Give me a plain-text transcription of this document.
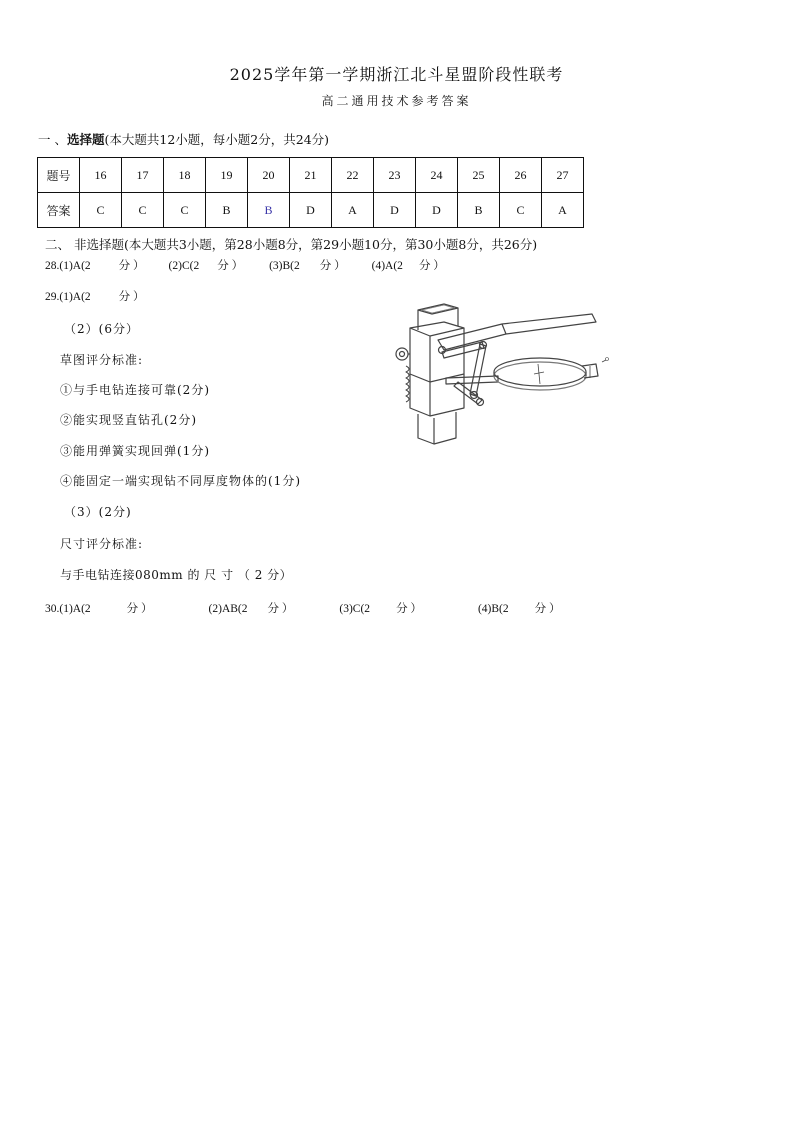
2025学年第一学期浙江北斗星盟阶段性联考
高二通用技术参考答案
一 、选择题(本大题共12小题，每小题2分，共24分)
题号	16	17	18	19	20	21	22	23	24	25	26	27
答案	C	C	C	B	B	D	A	D	D	B	C	A
二、 非选择题(本大题共3小题，第28小题8分，第29小题10分，第30小题8分，共26分)
28.(1)A(2 分 ） (2)C(2 分 ） (3)B(2 分 ） (4)A(2 分 ）
29.(1)A(2 分 ）
（2）(6分）
草图评分标准:
①与手电钻连接可靠(2分)
②能实现竖直钻孔(2分)
③能用弹簧实现回弹(1分)
④能固定一端实现钻不同厚度物体的(1分)
（3）(2分)
尺寸评分标准:
与手电钻连接080mm 的 尺 寸 （ 2 分）
30.(1)A(2	分 ）	(2)AB(2 分 ）	(3)C(2 分 ）	(4)B(2 分 ）
